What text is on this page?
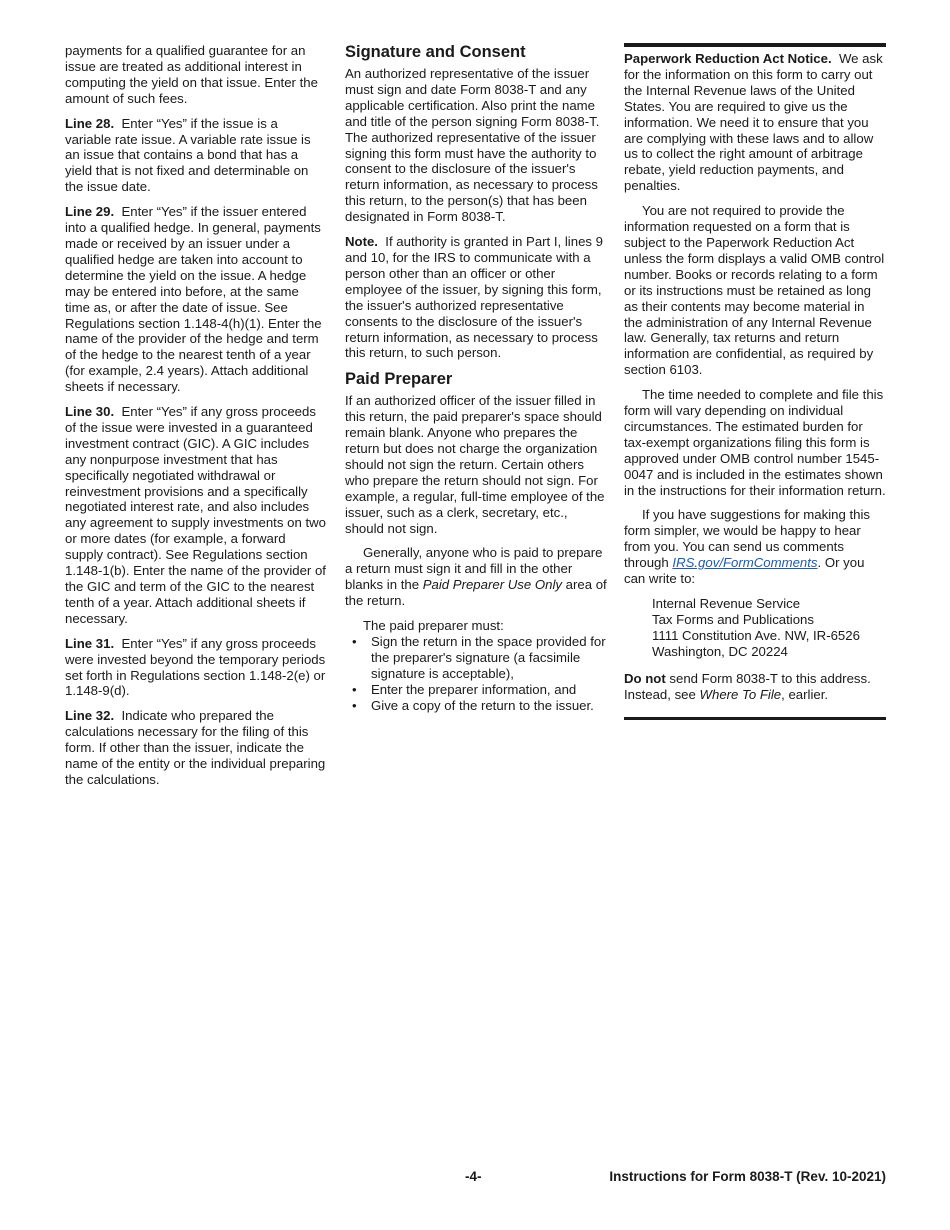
payments for a qualified guarantee for an issue are treated as additional interest in computing the yield on that issue. Enter the amount of such fees.

Line 28. Enter “Yes” if the issue is a variable rate issue. A variable rate issue is an issue that contains a bond that has a yield that is not fixed and determinable on the issue date.

Line 29. Enter “Yes” if the issuer entered into a qualified hedge. In general, payments made or received by an issuer under a qualified hedge are taken into account to determine the yield on the issue. A hedge may be entered into before, at the same time as, or after the date of issue. See Regulations section 1.148-4(h)(1). Enter the name of the provider of the hedge and term of the hedge to the nearest tenth of a year (for example, 2.4 years). Attach additional sheets if necessary.

Line 30. Enter “Yes” if any gross proceeds of the issue were invested in a guaranteed investment contract (GIC). A GIC includes any nonpurpose investment that has specifically negotiated withdrawal or reinvestment provisions and a specifically negotiated interest rate, and also includes any agreement to supply investments on two or more dates (for example, a forward supply contract). See Regulations section 1.148-1(b). Enter the name of the provider of the GIC and term of the GIC to the nearest tenth of a year. Attach additional sheets if necessary.

Line 31. Enter “Yes” if any gross proceeds were invested beyond the temporary periods set forth in Regulations section 1.148-2(e) or 1.148-9(d).

Line 32. Indicate who prepared the calculations necessary for the filing of this form. If other than the issuer, indicate the name of the entity or the individual preparing the calculations.

Signature and Consent

An authorized representative of the issuer must sign and date Form 8038-T and any applicable certification. Also print the name and title of the person signing Form 8038-T. The authorized representative of the issuer signing this form must have the authority to consent to the disclosure of the issuer's return information, as necessary to process this return, to the person(s) that has been designated in Form 8038-T.

Note. If authority is granted in Part I, lines 9 and 10, for the IRS to communicate with a person other than an officer or other employee of the issuer, by signing this form, the issuer's authorized representative consents to the disclosure of the issuer's return information, as necessary to process this return, to such person.

Paid Preparer

If an authorized officer of the issuer filled in this return, the paid preparer's space should remain blank. Anyone who prepares the return but does not charge the organization should not sign the return. Certain others who prepare the return should not sign. For example, a regular, full-time employee of the issuer, such as a clerk, secretary, etc., should not sign.

Generally, anyone who is paid to prepare a return must sign it and fill in the other blanks in the Paid Preparer Use Only area of the return.

The paid preparer must:

• Sign the return in the space provided for the preparer's signature (a facsimile signature is acceptable),
• Enter the preparer information, and
• Give a copy of the return to the issuer.

Paperwork Reduction Act Notice. We ask for the information on this form to carry out the Internal Revenue laws of the United States. You are required to give us the information. We need it to ensure that you are complying with these laws and to allow us to collect the right amount of arbitrage rebate, yield reduction payments, and penalties.

You are not required to provide the information requested on a form that is subject to the Paperwork Reduction Act unless the form displays a valid OMB control number. Books or records relating to a form or its instructions must be retained as long as their contents may become material in the administration of any Internal Revenue law. Generally, tax returns and return information are confidential, as required by section 6103.

The time needed to complete and file this form will vary depending on individual circumstances. The estimated burden for tax-exempt organizations filing this form is approved under OMB control number 1545-0047 and is included in the estimates shown in the instructions for their information return.

If you have suggestions for making this form simpler, we would be happy to hear from you. You can send us comments through IRS.gov/FormComments. Or you can write to:

Internal Revenue Service
Tax Forms and Publications
1111 Constitution Ave. NW, IR-6526
Washington, DC 20224

Do not send Form 8038-T to this address. Instead, see Where To File, earlier.

-4-	Instructions for Form 8038-T (Rev. 10-2021)
